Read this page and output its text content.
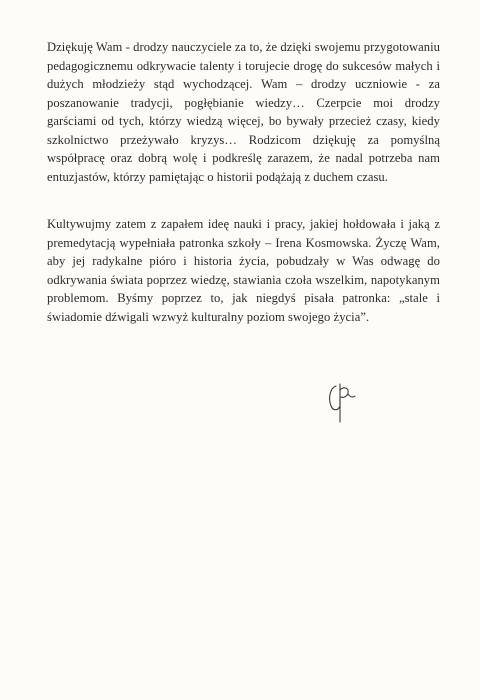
Dziękuję Wam - drodzy nauczyciele za to, że dzięki swojemu przygotowaniu pedagogicznemu odkrywacie talenty i torujecie drogę do sukcesów małych i dużych młodzieży stąd wychodzącej. Wam – drodzy uczniowie - za poszanowanie tradycji, pogłębianie wiedzy… Czerpcie moi drodzy garściami od tych, którzy wiedzą więcej, bo bywały przecież czasy, kiedy szkolnictwo przeżywało kryzys… Rodzicom dziękuję za pomyślną współpracę oraz dobrą wolę i podkreślę zarazem, że nadal potrzeba nam entuzjastów, którzy pamiętając o historii podążają z duchem czasu.

Kultywujmy zatem z zapałem ideę nauki i pracy, jakiej hołdowała i jaką z premedytacją wypełniała patronka szkoły – Irena Kosmowska. Życzę Wam, aby jej radykalne pióro i historia życia, pobudzały w Was odwagę do odkrywania świata poprzez wiedzę, stawiania czoła wszelkim, napotykanym problemom. Byśmy poprzez to, jak niegdyś pisała patronka: „stale i świadomie dźwigali wzwyż kulturalny poziom swojego życia”.
